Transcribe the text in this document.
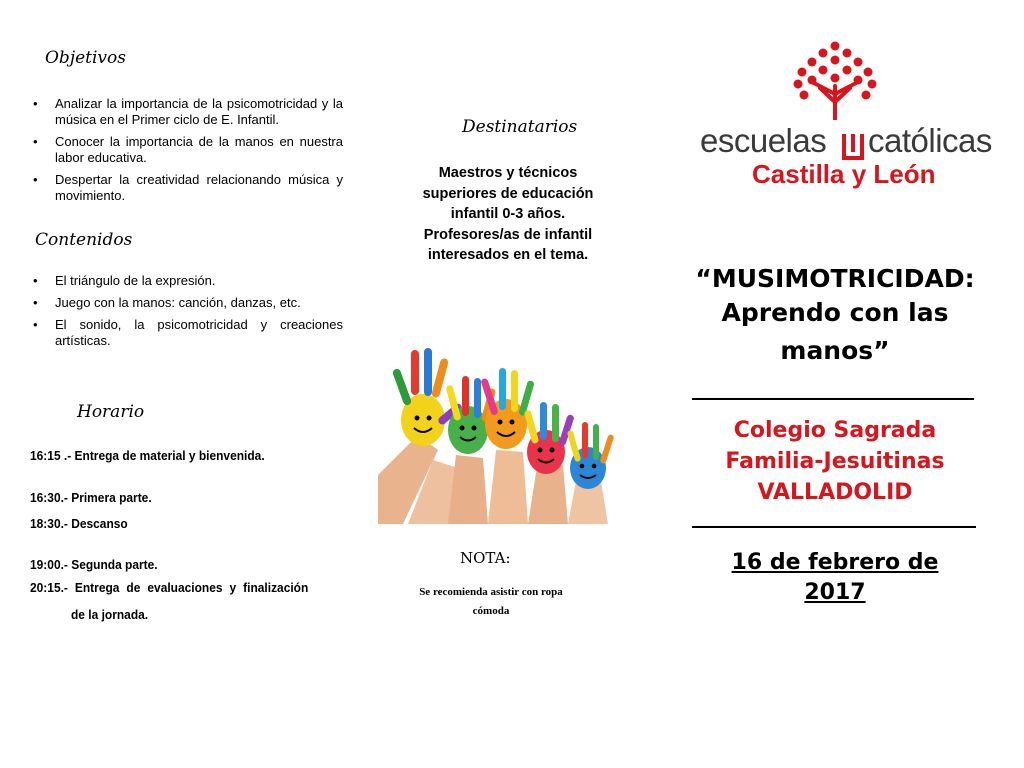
Objetivos
• Analizar la importancia de la psicomotricidad y la música en el Primer ciclo de E. Infantil.
• Conocer la importancia de la manos en nuestra labor educativa.
• Despertar la creatividad relacionando música y movimiento.
Contenidos
• El triángulo de la expresión.
• Juego con la manos: canción, danzas, etc.
• El sonido, la psicomotricidad y creaciones artísticas.
Horario
16:15 .- Entrega de material y bienvenida.
16:30.- Primera parte.
18:30.- Descanso
19:00.- Segunda parte.
20:15.- Entrega de evaluaciones y finalización
de la jornada.
Destinatarios
Maestros y técnicos
superiores de educación
infantil 0-3 años.
Profesores/as de infantil
interesados en el tema.
NOTA:
Se recomienda asistir con ropa
cómoda
escuelas católicas
Castilla y León
“MUSIMOTRICIDAD:
Aprendo con las
manos”
Colegio Sagrada
Familia-Jesuitinas
VALLADOLID
16 de febrero de
2017
